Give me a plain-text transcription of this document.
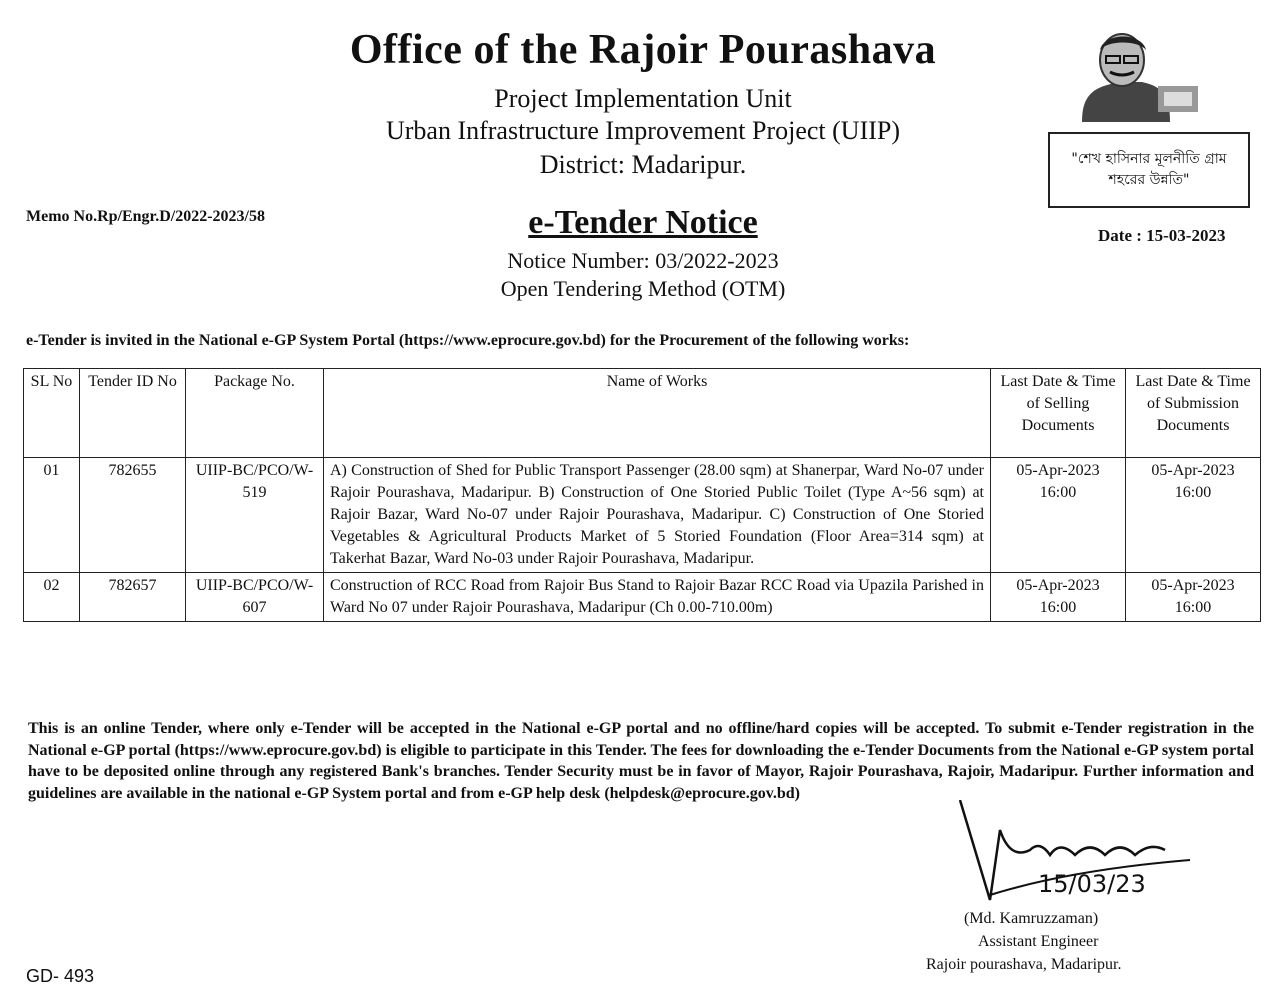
Office of the Rajoir Pourashava
Project Implementation Unit
Urban Infrastructure Improvement Project (UIIP)
District: Madaripur.	"শেখ হাসিনার মূলনীতি গ্রাম শহরের উন্নতি"
Memo No.Rp/Engr.D/2022-2023/58	e-Tender Notice
Notice Number: 03/2022-2023
Open Tendering Method (OTM)
Date : 15-03-2023
e-Tender is invited in the National e-GP System Portal (https://www.eprocure.gov.bd) for the Procurement of the following works:
SL No	Tender ID No	Package No.	Name of Works	Last Date & Time of Selling Documents	Last Date & Time of Submission Documents
01	782655	UIIP-BC/PCO/W-519	A) Construction of Shed for Public Transport Passenger (28.00 sqm) at Shanerpar, Ward No-07 under Rajoir Pourashava, Madaripur. B) Construction of One Storied Public Toilet (Type A~56 sqm) at Rajoir Bazar, Ward No-07 under Rajoir Pourashava, Madaripur. C) Construction of One Storied Vegetables & Agricultural Products Market of 5 Storied Foundation (Floor Area=314 sqm) at Takerhat Bazar, Ward No-03 under Rajoir Pourashava, Madaripur.	05-Apr-2023 16:00	05-Apr-2023 16:00
02	782657	UIIP-BC/PCO/W-607	Construction of RCC Road from Rajoir Bus Stand to Rajoir Bazar RCC Road via Upazila Parished in Ward No 07 under Rajoir Pourashava, Madaripur (Ch 0.00-710.00m)	05-Apr-2023 16:00	05-Apr-2023 16:00
This is an online Tender, where only e-Tender will be accepted in the National e-GP portal and no offline/hard copies will be accepted. To submit e-Tender registration in the National e-GP portal (https://www.eprocure.gov.bd) is eligible to participate in this Tender. The fees for downloading the e-Tender Documents from the National e-GP system portal have to be deposited online through any registered Bank's branches. Tender Security must be in favor of Mayor, Rajoir Pourashava, Rajoir, Madaripur. Further information and guidelines are available in the national e-GP System portal and from e-GP help desk (helpdesk@eprocure.gov.bd)
15/03/23
(Md. Kamruzzaman)
Assistant Engineer
Rajoir pourashava, Madaripur.
GD- 493
